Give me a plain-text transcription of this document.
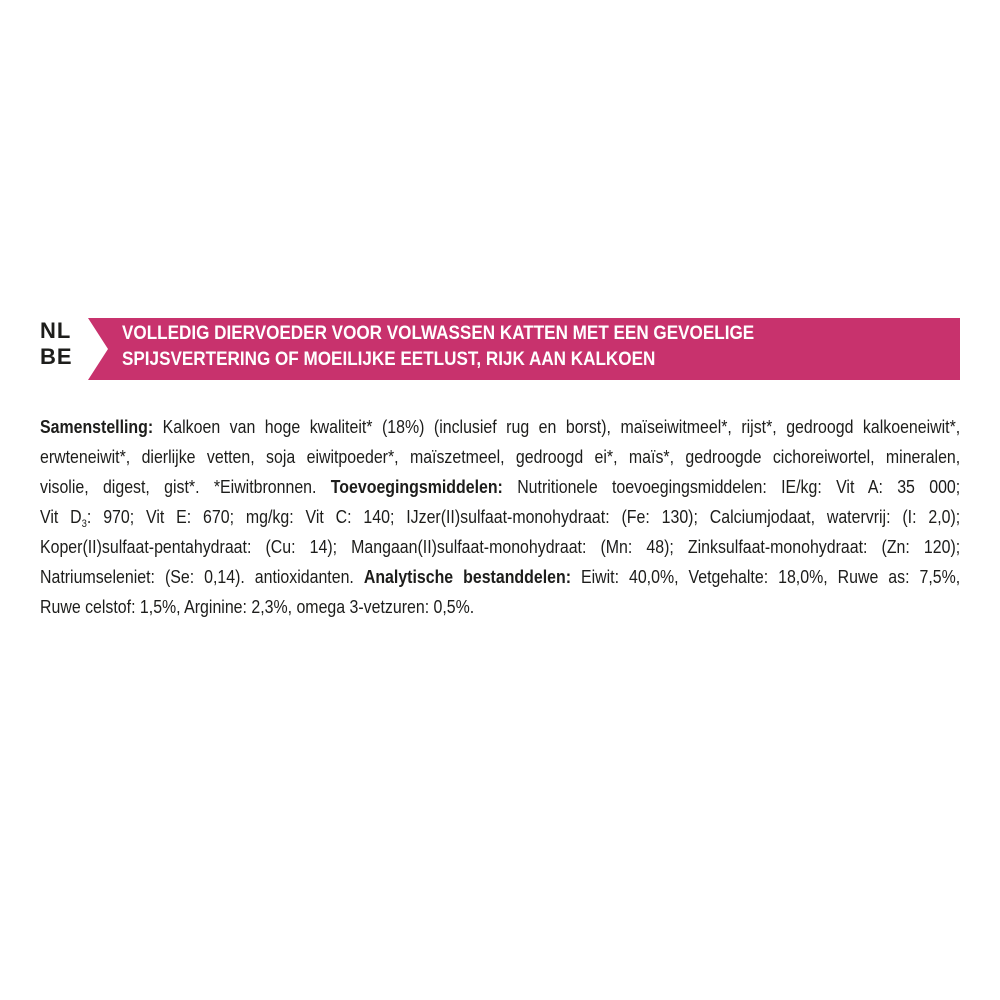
NL
BE
VOLLEDIG DIERVOEDER VOOR VOLWASSEN KATTEN MET EEN GEVOELIGE
SPIJSVERTERING OF MOEILIJKE EETLUST, RIJK AAN KALKOEN
Samenstelling: Kalkoen van hoge kwaliteit* (18%) (inclusief rug en borst), maïseiwitmeel*, rijst*, gedroogd kalkoeneiwit*,
erwteneiwit*, dierlijke vetten, soja eiwitpoeder*, maïszetmeel, gedroogd ei*, maïs*, gedroogde cichoreiwortel, mineralen,
visolie, digest, gist*. *Eiwitbronnen. Toevoegingsmiddelen: Nutritionele toevoegingsmiddelen: IE/kg: Vit A: 35 000;
Vit $D_3$: 970; Vit E: 670; mg/kg: Vit C: 140; IJzer(II)sulfaat-monohydraat: (Fe: 130); Calciumjodaat, watervrij: (I: 2,0);
Koper(II)sulfaat-pentahydraat: (Cu: 14); Mangaan(II)sulfaat-monohydraat: (Mn: 48); Zinksulfaat-monohydraat: (Zn: 120);
Natriumseleniet: (Se: 0,14). antioxidanten. Analytische bestanddelen: Eiwit: 40,0%, Vetgehalte: 18,0%, Ruwe as: 7,5%,
Ruwe celstof: 1,5%, Arginine: 2,3%, omega 3-vetzuren: 0,5%.
